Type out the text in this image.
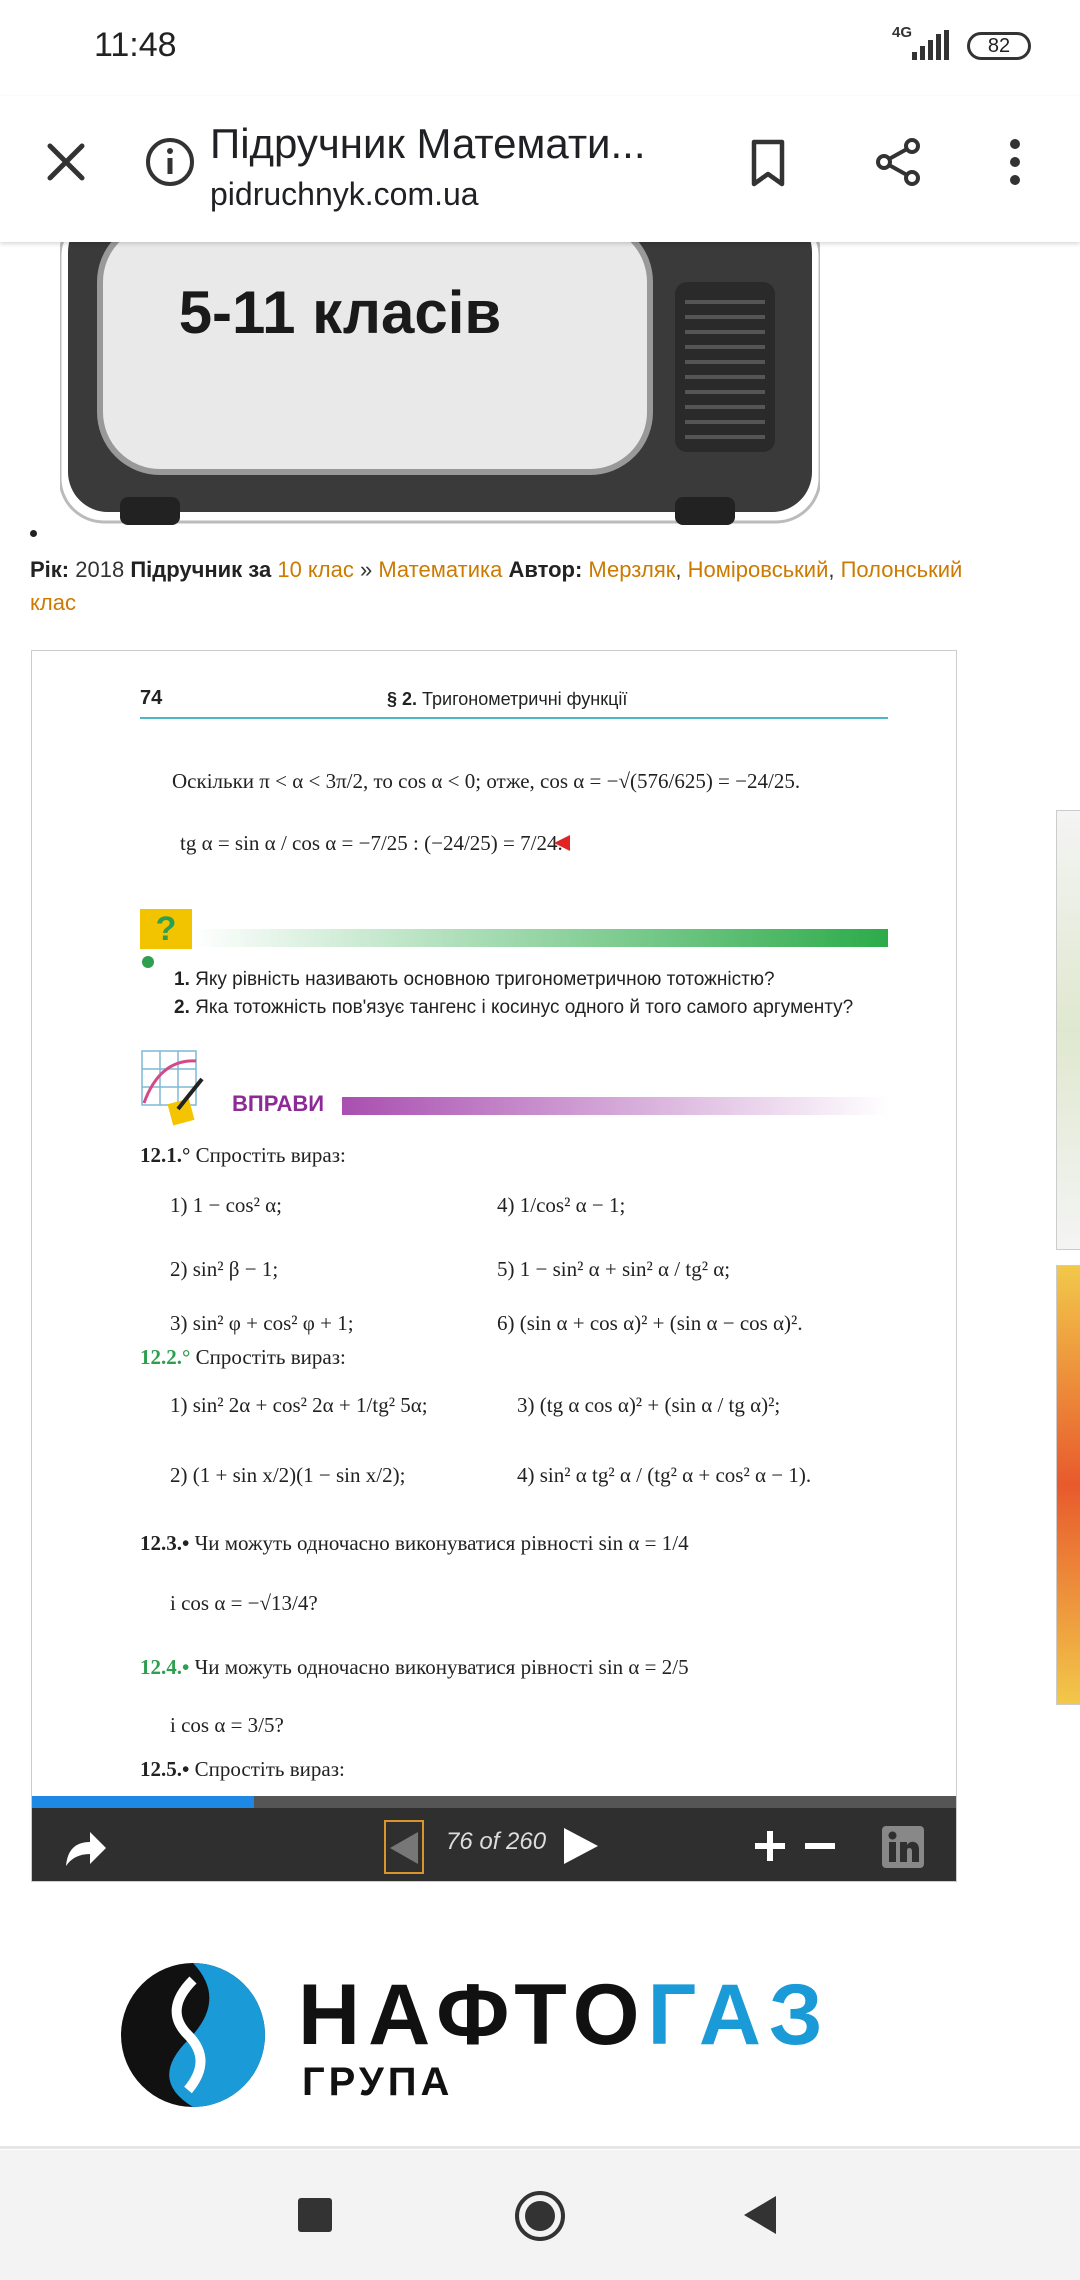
11:48	4G
82
Підручник Математи...
pidruchnyk.com.ua
5-11 класів
Рік: 2018 Підручник за 10 клас » Математика Автор: Мерзляк, Номіровський, Полонський
клас
74	§ 2. Тригонометричні функції
Оскільки π < α < 3π/2, то cos α < 0; отже, cos α = −√(576/625) = −24/25.
tg α = sin α / cos α = −7/25 : (−24/25) = 7/24.
?
1. Яку рівність називають основною тригонометричною тотожністю?
2. Яка тотожність пов'язує тангенс і косинус одного й того самого аргументу?
ВПРАВИ
12.1.° Спростіть вираз:
1) 1 − cos² α;	4) 1/cos² α − 1;
2) sin² β − 1;	5) 1 − sin² α + sin² α / tg² α;
3) sin² φ + cos² φ + 1;	6) (sin α + cos α)² + (sin α − cos α)².
12.2.° Спростіть вираз:
1) sin² 2α + cos² 2α + 1/tg² 5α;	3) (tg α cos α)² + (sin α / tg α)²;
2) (1 + sin x/2)(1 − sin x/2);	4) sin² α tg² α / (tg² α + cos² α − 1).
12.3.• Чи можуть одночасно виконуватися рівності sin α = 1/4
і cos α = −√13/4?
12.4.• Чи можуть одночасно виконуватися рівності sin α = 2/5
і cos α = 3/5?
12.5.• Спростіть вираз:
76 of 260
НАФТОГАЗ
ГРУПА
